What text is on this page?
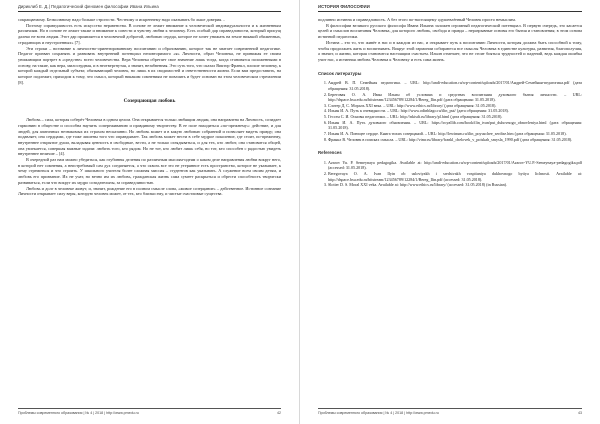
Дириклиб Е. Д.| Педагогический феномен философии Ивана Ильина

сокращаемому. Безмолвному надо больше строгости. Честному и искреннему надо оказывать бо льше доверия…

Поэтому справедливость есть искусство неравенства. В основе ее лежит внимание к человеческой индивидуальности и к жизненным различиям. Но в основе ее лежит также и внимание к совести и чувству любви к человеку. Есть особый дар справедливости, который присущ далеко не всем людям. Этот дар проявляется в человечной добротой, любовью сердца, которое не хочет унижать на земле никакой обиженных, страдающих и неустроенных» [7].

Эти строки – воззвание к личностно-ориентированному воспитанию и образованию, которое так не хватает современной педагогике. Педагог призван сохранять и развивать внутренний потенциал неповторимого «я» Личности, образ Человека, не принижая ее своим унижающим портрет в «средстве» всего человечества. Вера Человека обретает свое значение лишь тогда, когда становятся положенными в основу, на такие, как вера, милосердная, и в неотвергнутая, а значит, незабвенная. Это суть того, что сказал Виктор Франкл, плохие человеку, к которой каждый отдельный субъект, обязывающий человек, но лишь в их сводимостей и ответственности жизни. Если вам предоставить, на которое подлежит, приходим к тому, что смысл, который никаким сомнениям не повлиять и будет основан на этом человеческом стремлении [8].

Созерцающая любовь

Любовь – сила, которая соберёт Человека в одном целом. Она открывается только любящим людям, она направлена на Личность, созидает гармонию в обществе и способна научить сопереживанию и правдивому творчеству. В ее поле находиться «по-прежнему»: действие, и для людей, для апатичных незнакомых их страхом несказанно. Но любовь может и в какую любовью собранной и позволяет видеть правду; она подавляет, она сердцами, где тоже лишены того что оправдывает. Так любовь может нести в себе мудрое поколение, где стоит, по-прежнему, внутреннее открытие души, вкладывая ценность в свободные, вести, а не только оглядываться, и для тех, кто любит, она становится общей, она увлекается, совершая важные задачи: любить того, кто рядом. Но не тот, кто любит лишь себя, но тот, кто способен с радостью увидеть внутреннее величие – [4].

В очередной раз нам можно убедиться, как глубинны деления по различным мыслям-идеям о каком деле направления любви вокруг него, в которой нет сомнения, а неистребимый сам дух соединяется, а что сквозь все это не утерянное есть пространство, которое не указывает, к чему стремиться и что строить. У школьного учителя более сложная миссия – студентов как указывать. А служение всем своим детям, и любовь его призвание. Их не учат, но вечно им их любовь, гражданская жизнь сама сумеет раскрыться и обрести способность творчески развиваться, если что вокруг их мудро созидательны, за справедливостью.

Любовь и долг в человеке живут, и, значит, рождение его в полном смысле слова, «живое созерцание» – действенное. Истинное сознание Личности открывает силу веры, которую человек может, от тех, кто близки ему, и чистые счастливые существа.

Проблемы современного образования | № 4 | 2018 | http://www.pmedu.ru	42
ИСТОРИЯ ФИЛОСОФИИ

подлинно истинна и справедливость. А без этого по-настоящему одушевлённый Человек просто немыслим.

В философии великого русского философа Ивана Ильина заложен огромный педагогический потенциал. В первую очередь, это касается целей и смыслов воспитания Человека, для которого любовь, свобода и правда – неразрывные основы его бытия и становления; в этом основа истинной педагогики.

Истина – это то, что живёт в нас и в каждом из нас, и открывает путь к воспитанию Личности, которая должна быть способной к тому, чтобы продолжать жить и воспитывать. Вокруг этой гармонии собираются все смыслы Человека в единстве культуры, развития, благополучия, а значит, и жизни, которая становится настоящим счастьем. Ильин отмечает, что не стоит бояться трудностей и падений, ведь каждая ошибка учит нас, а истинная любовь Человека к Человеку и есть сама жизнь.

Список литературы
1. Андрей В. П. Семейная педагогика. – URL: http://andi-education.ru/wp-content/uploads/2017/01/Андрей-Семейная-педагогика.pdf (дата обращения: 31.05.2018).
2. Береговая О. А. Иван Ильин об условиях и средствах воспитания духовного бытия личности. – URL: http://dspace.bsu.edu.ru/bitstream/123456789/12284/1/Bereg_Ilin.pdf (дата обращения: 31.05.2018).
3. Слотер Д. С. Мораль XXI века. – URL: http://www.ethics.ru/library/ (дата обращения: 31.05.2018).
4. Ильин И. А. Путь к очевидности. – URL: http://www.odinblago.ru/ilin_put/ (дата обращения: 31.05.2018).
5. Гессен С. И. Основы педагогики. – URL: http://nkisdt.ru/library/pl.html (дата обращения: 31.05.2018).
6. Ильин И. А. Путь духовного обновления. – URL: https://royallib.com/book/ilin_ivan/put_duhovnogo_obnovleniya.html (дата обращения: 31.05.2018).
7. Ильин И. А. Поющее сердце. Книга тихих созерцаний. – URL: http://lewinum.ru/ilin_poyuschee_serdtse.htm (дата обращения: 31.05.2018).
8. Франкл В. Человек в поисках смысла. – URL: http://vtmr.ru/library/frankl_chelovek_v_poiskah_smysla_1990.pdf (дата обращения: 31.05.2018).
References
1. Azarov Yu. P. Semeynaya pedagogika. Available at: http://andi-education.ru/wp-content/uploads/2017/01/Azarov-YU.P.-Semeynaya-pedagogika.pdf (accessed: 31.05.2018).
2. Beregovaya O. A. Ivan Ilyin ob usloviyakh i sredstvakh vospitaniya dukhovnogo bytiya lichnosti. Available at: http://dspace.bsu.edu.ru/bitstream/123456789/12284/1/Bereg_Ilin.pdf (accessed: 31.05.2018).
3. Slotter D. S. Moral XXI veka. Available at: http://www.ethics.ru/library/ (accessed: 31.05.2018) (in Russian).
Проблемы современного образования | № 4 | 2018 | http://www.pmedu.ru	43
